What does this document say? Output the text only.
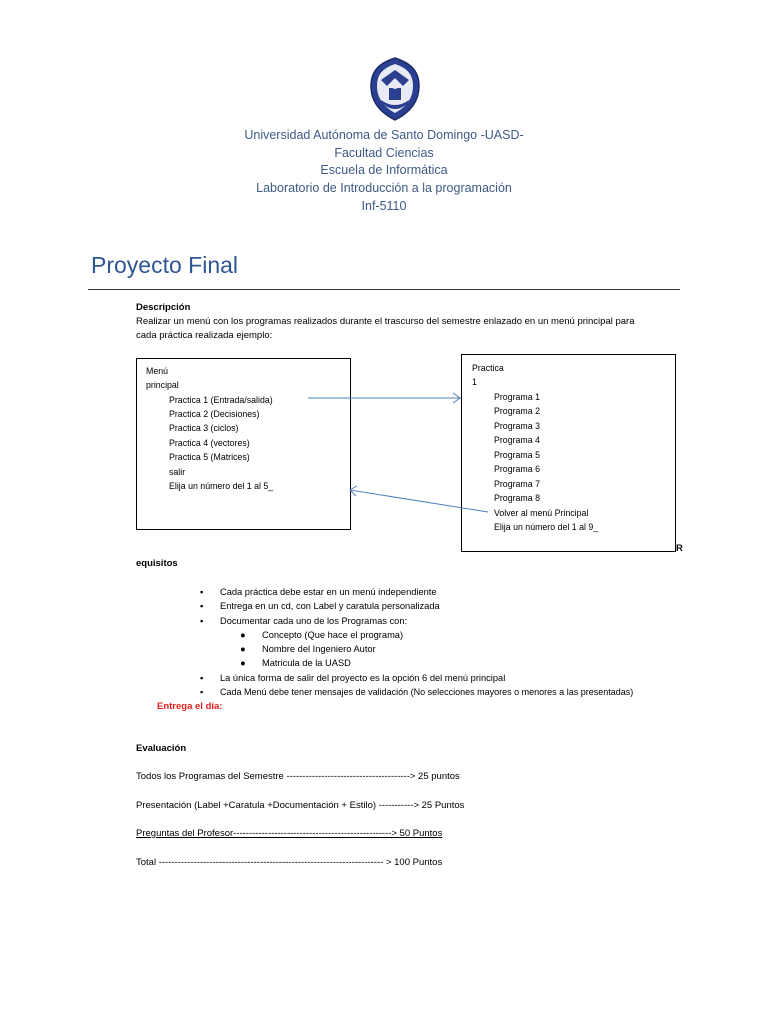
Universidad Autónoma de Santo Domingo -UASD-
Facultad Ciencias
Escuela de Informática
Laboratorio de Introducción a la programación
Inf-5110
Proyecto Final
Descripción
Realizar un menú con los programas realizados durante el trascurso del semestre enlazado en un menú principal para
cada práctica realizada ejemplo:
Menú
principal
Practica 1 (Entrada/salida)
Practica 2 (Decisiones)
Practica 3 (ciclos)
Practica 4 (vectores)
Practica 5 (Matrices)
salir
Elija un número del 1 al 5_
Practica
1
Programa 1
Programa 2
Programa 3
Programa 4
Programa 5
Programa 6
Programa 7
Programa 8
Volver al menú Principal
Elija un número del 1 al 9_
R
equisitos
▪ Cada práctica debe estar en un menú independiente
▪ Entrega en un cd, con Label y caratula personalizada
▪ Documentar cada uno de los Programas con:
● Concepto (Que hace el programa)
● Nombre del Ingeniero Autor
● Matricula de la UASD
▪ La única forma de salir del proyecto es la opción 6 del menú principal
▪ Cada Menú debe tener mensajes de validación (No selecciones mayores o menores a las presentadas)
Entrega el día:
Evaluación
Todos los Programas del Semestre ---------------------------------------> 25 puntos
Presentación (Label +Caratula +Documentación + Estilo) -----------> 25 Puntos
Preguntas del Profesor--------------------------------------------------> 50 Puntos
Total ----------------------------------------------------------------------- > 100 Puntos
